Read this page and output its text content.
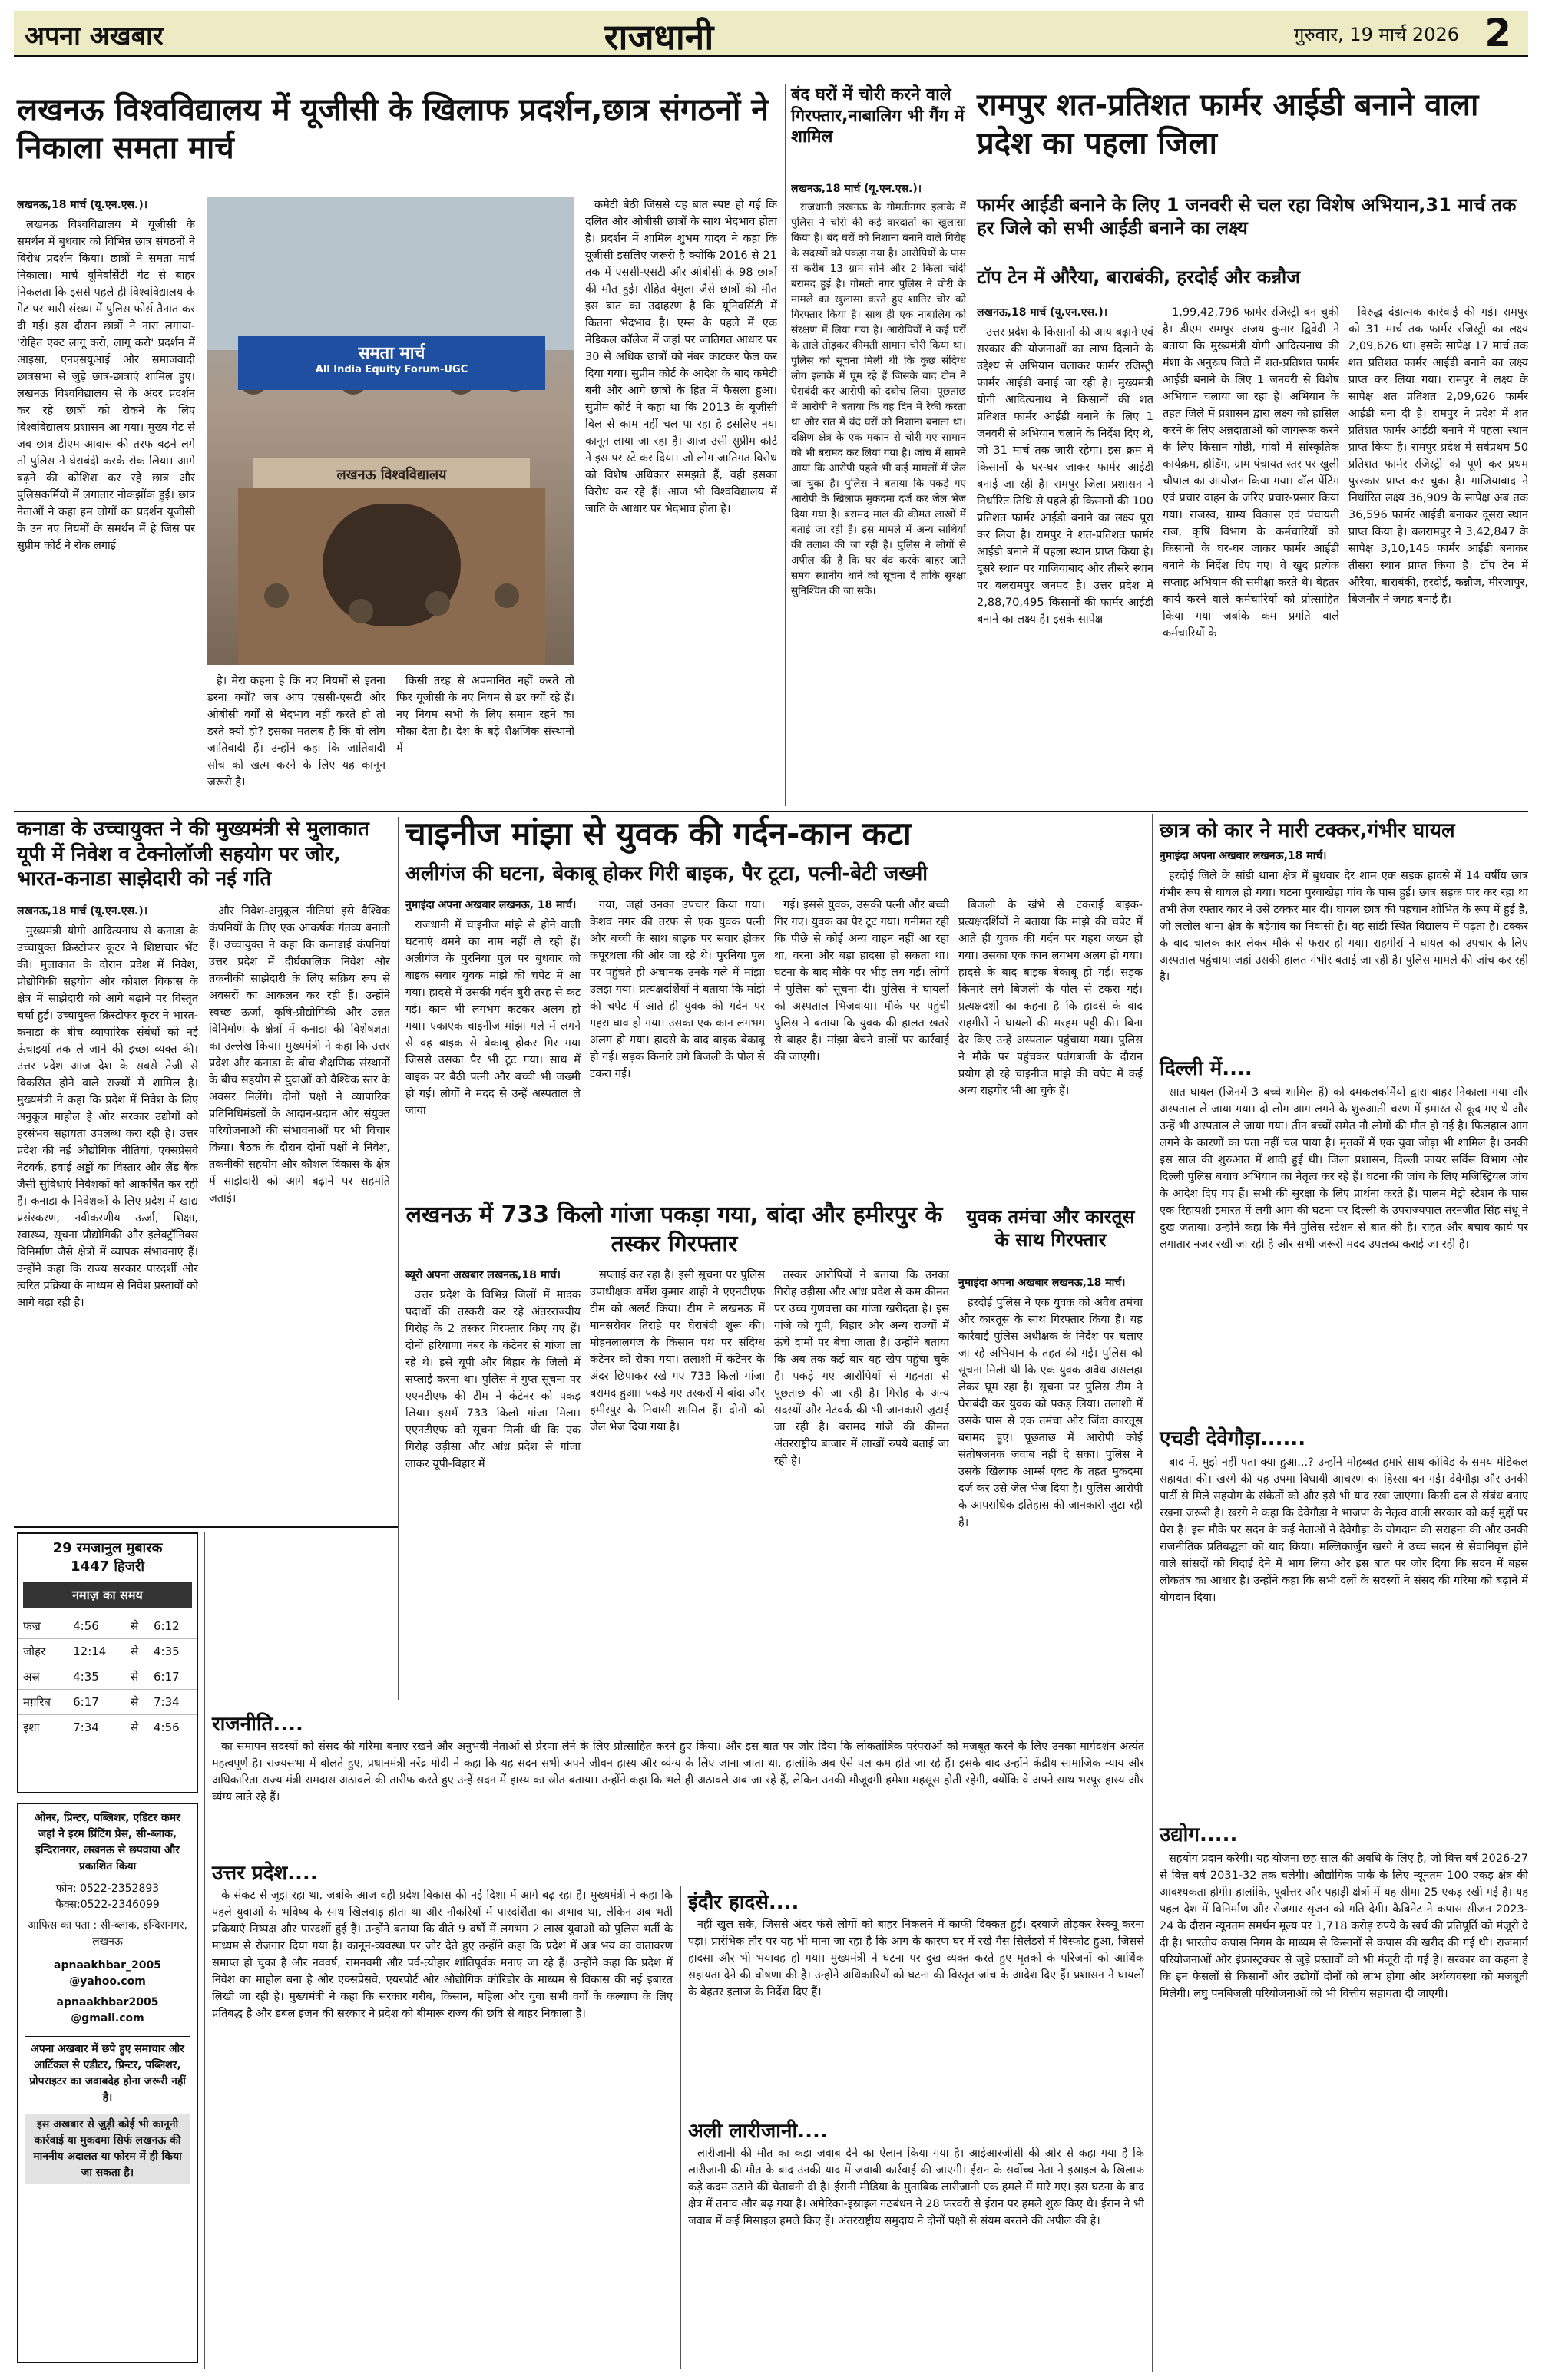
अपना अखबार	राजधानी	गुरुवार, 19 मार्च 2026 2
लखनऊ विश्वविद्यालय में यूजीसी के खिलाफ प्रदर्शन,छात्र संगठनों ने निकाला समता मार्च
लखनऊ,18 मार्च (यू.एन.एस.)।

लखनऊ विश्वविद्यालय में यूजीसी के समर्थन में बुधवार को विभिन्न छात्र संगठनों ने विरोध प्रदर्शन किया। छात्रों ने समता मार्च निकाला। मार्च यूनिवर्सिटी गेट से बाहर निकलता कि इससे पहले ही विश्वविद्यालय के गेट पर भारी संख्या में पुलिस फोर्स तैनात कर दी गई। इस दौरान छात्रों ने नारा लगाया-'रोहित एक्ट लागू करो, लागू करो' प्रदर्शन में आइसा, एनएसयूआई और समाजवादी छात्रसभा से जुड़े छात्र-छात्राएं शामिल हुए। लखनऊ विश्वविद्यालय से के अंदर प्रदर्शन कर रहे छात्रों को रोकने के लिए विश्वविद्यालय प्रशासन आ गया। मुख्य गेट से जब छात्र डीएम आवास की तरफ बढ़ने लगे तो पुलिस ने घेराबंदी करके रोक लिया। आगे बढ़ने की कोशिश कर रहे छात्र और पुलिसकर्मियों में लगातार नोकझोंक हुई। छात्र नेताओं ने कहा हम लोगों का प्रदर्शन यूजीसी के उन नए नियमों के समर्थन में है जिस पर सुप्रीम कोर्ट ने रोक लगाई

समता मार्च
All India Equity Forum-UGC
लखनऊ विश्वविद्यालय

है। मेरा कहना है कि नए नियमों से इतना डरना क्यों? जब आप एससी-एसटी और ओबीसी वर्गों से भेदभाव नहीं करते हो तो डरते क्यों हो? इसका मतलब है कि वो लोग जातिवादी हैं। उन्होंने कहा कि जातिवादी सोच को खत्म करने के लिए यह कानून जरूरी है।

किसी तरह से अपमानित नहीं करते तो फिर यूजीसी के नए नियम से डर क्यों रहे हैं। नए नियम सभी के लिए समान रहने का मौका देता है। देश के बड़े शैक्षणिक संस्थानों में

कमेटी बैठी जिससे यह बात स्पष्ट हो गई कि दलित और ओबीसी छात्रों के साथ भेदभाव होता है। प्रदर्शन में शामिल शुभम यादव ने कहा कि यूजीसी इसलिए जरूरी है क्योंकि 2016 से 21 तक में एससी-एसटी और ओबीसी के 98 छात्रों की मौत हुई। रोहित वेमुला जैसे छात्रों की मौत इस बात का उदाहरण है कि यूनिवर्सिटी में कितना भेदभाव है। एम्स के पहले में एक मेडिकल कॉलेज में जहां पर जातिगत आधार पर 30 से अधिक छात्रों को नंबर काटकर फेल कर दिया गया। सुप्रीम कोर्ट के आदेश के बाद कमेटी बनी और आगे छात्रों के हित में फैसला हुआ। सुप्रीम कोर्ट ने कहा था कि 2013 के यूजीसी बिल से काम नहीं चल पा रहा है इसलिए नया कानून लाया जा रहा है। आज उसी सुप्रीम कोर्ट ने इस पर स्टे कर दिया। जो लोग जातिगत विरोध को विशेष अधिकार समझते हैं, वही इसका विरोध कर रहे हैं। आज भी विश्वविद्यालय में जाति के आधार पर भेदभाव होता है।

बंद घरों में चोरी करने वाले गिरफ्तार,नाबालिग भी गैंग में शामिल
लखनऊ,18 मार्च (यू.एन.एस.)।

राजधानी लखनऊ के गोमतीनगर इलाके में पुलिस ने चोरी की कई वारदातों का खुलासा किया है। बंद घरों को निशाना बनाने वाले गिरोह के सदस्यों को पकड़ा गया है। आरोपियों के पास से करीब 13 ग्राम सोने और 2 किलो चांदी बरामद हुई है। गोमती नगर पुलिस ने चोरी के मामले का खुलासा करते हुए शातिर चोर को गिरफ्तार किया है। साथ ही एक नाबालिग को संरक्षण में लिया गया है। आरोपियों ने कई घरों के ताले तोड़कर कीमती सामान चोरी किया था। पुलिस को सूचना मिली थी कि कुछ संदिग्ध लोग इलाके में घूम रहे हैं जिसके बाद टीम ने घेराबंदी कर आरोपी को दबोच लिया। पूछताछ में आरोपी ने बताया कि वह दिन में रेकी करता था और रात में बंद घरों को निशाना बनाता था। दक्षिण क्षेत्र के एक मकान से चोरी गए सामान को भी बरामद कर लिया गया है। जांच में सामने आया कि आरोपी पहले भी कई मामलों में जेल जा चुका है। पुलिस ने बताया कि पकड़े गए आरोपी के खिलाफ मुकदमा दर्ज कर जेल भेज दिया गया है। बरामद माल की कीमत लाखों में बताई जा रही है। इस मामले में अन्य साथियों की तलाश की जा रही है। पुलिस ने लोगों से अपील की है कि घर बंद करके बाहर जाते समय स्थानीय थाने को सूचना दें ताकि सुरक्षा सुनिश्चित की जा सके।

रामपुर शत-प्रतिशत फार्मर आईडी बनाने वाला प्रदेश का पहला जिला
फार्मर आईडी बनाने के लिए 1 जनवरी से चल रहा विशेष अभियान,31 मार्च तक हर जिले को सभी आईडी बनाने का लक्ष्य
टॉप टेन में औरैया, बाराबंकी, हरदोई और कन्नौज
लखनऊ,18 मार्च (यू.एन.एस.)।

उत्तर प्रदेश के किसानों की आय बढ़ाने एवं सरकार की योजनाओं का लाभ दिलाने के उद्देश्य से अभियान चलाकर फार्मर रजिस्ट्री फार्मर आईडी बनाई जा रही है। मुख्यमंत्री योगी आदित्यनाथ ने किसानों की शत प्रतिशत फार्मर आईडी बनाने के लिए 1 जनवरी से अभियान चलाने के निर्देश दिए थे, जो 31 मार्च तक जारी रहेगा। इस क्रम में किसानों के घर-घर जाकर फार्मर आईडी बनाई जा रही है। रामपुर जिला प्रशासन ने निर्धारित तिथि से पहले ही किसानों की 100 प्रतिशत फार्मर आईडी बनाने का लक्ष्य पूरा कर लिया है। रामपुर ने शत-प्रतिशत फार्मर आईडी बनाने में पहला स्थान प्राप्त किया है। दूसरे स्थान पर गाजियाबाद और तीसरे स्थान पर बलरामपुर जनपद है। उत्तर प्रदेश में 2,88,70,495 किसानों की फार्मर आईडी बनाने का लक्ष्य है। इसके सापेक्ष

1,99,42,796 फार्मर रजिस्ट्री बन चुकी है। डीएम रामपुर अजय कुमार द्विवेदी ने बताया कि मुख्यमंत्री योगी आदित्यनाथ की मंशा के अनुरूप जिले में शत-प्रतिशत फार्मर आईडी बनाने के लिए 1 जनवरी से विशेष अभियान चलाया जा रहा है। अभियान के तहत जिले में प्रशासन द्वारा लक्ष्य को हासिल करने के लिए अन्नदाताओं को जागरूक करने के लिए किसान गोष्ठी, गांवों में सांस्कृतिक कार्यक्रम, होर्डिंग, ग्राम पंचायत स्तर पर खुली चौपाल का आयोजन किया गया। वॉल पेंटिंग एवं प्रचार वाहन के जरिए प्रचार-प्रसार किया गया। राजस्व, ग्राम्य विकास एवं पंचायती राज, कृषि विभाग के कर्मचारियों को किसानों के घर-घर जाकर फार्मर आईडी बनाने के निर्देश दिए गए। वे खुद प्रत्येक सप्ताह अभियान की समीक्षा करते थे। बेहतर कार्य करने वाले कर्मचारियों को प्रोत्साहित किया गया जबकि कम प्रगति वाले कर्मचारियों के

विरुद्ध दंडात्मक कार्रवाई की गई। रामपुर को 31 मार्च तक फार्मर रजिस्ट्री का लक्ष्य 2,09,626 था। इसके सापेक्ष 17 मार्च तक शत प्रतिशत फार्मर आईडी बनाने का लक्ष्य प्राप्त कर लिया गया। रामपुर ने लक्ष्य के सापेक्ष शत प्रतिशत 2,09,626 फार्मर आईडी बना दी है। रामपुर ने प्रदेश में शत प्रतिशत फार्मर आईडी बनाने में पहला स्थान प्राप्त किया है। रामपुर प्रदेश में सर्वप्रथम 50 प्रतिशत फार्मर रजिस्ट्री को पूर्ण कर प्रथम पुरस्कार प्राप्त कर चुका है। गाजियाबाद ने निर्धारित लक्ष्य 36,909 के सापेक्ष अब तक 36,596 फार्मर आईडी बनाकर दूसरा स्थान प्राप्त किया है। बलरामपुर ने 3,42,847 के सापेक्ष 3,10,145 फार्मर आईडी बनाकर तीसरा स्थान प्राप्त किया है। टॉप टेन में औरैया, बाराबंकी, हरदोई, कन्नौज, मीरजापुर, बिजनौर ने जगह बनाई है।

कनाडा के उच्चायुक्त ने की मुख्यमंत्री से मुलाकात यूपी में निवेश व टेक्नोलॉजी सहयोग पर जोर, भारत-कनाडा साझेदारी को नई गति
लखनऊ,18 मार्च (यू.एन.एस.)।

मुख्यमंत्री योगी आदित्यनाथ से कनाडा के उच्चायुक्त क्रिस्टोफर कूटर ने शिष्टाचार भेंट की। मुलाकात के दौरान प्रदेश में निवेश, प्रौद्योगिकी सहयोग और कौशल विकास के क्षेत्र में साझेदारी को आगे बढ़ाने पर विस्तृत चर्चा हुई। उच्चायुक्त क्रिस्टोफर कूटर ने भारत-कनाडा के बीच व्यापारिक संबंधों को नई ऊंचाइयों तक ले जाने की इच्छा व्यक्त की। उत्तर प्रदेश आज देश के सबसे तेजी से विकसित होने वाले राज्यों में शामिल है। मुख्यमंत्री ने कहा कि प्रदेश में निवेश के लिए अनुकूल माहौल है और सरकार उद्योगों को हरसंभव सहायता उपलब्ध करा रही है। उत्तर प्रदेश की नई औद्योगिक नीतियां, एक्सप्रेसवे नेटवर्क, हवाई अड्डों का विस्तार और लैंड बैंक जैसी सुविधाएं निवेशकों को आकर्षित कर रही हैं। कनाडा के निवेशकों के लिए प्रदेश में खाद्य प्रसंस्करण, नवीकरणीय ऊर्जा, शिक्षा, स्वास्थ्य, सूचना प्रौद्योगिकी और इलेक्ट्रॉनिक्स विनिर्माण जैसे क्षेत्रों में व्यापक संभावनाएं हैं। उन्होंने कहा कि राज्य सरकार पारदर्शी और त्वरित प्रक्रिया के माध्यम से निवेश प्रस्तावों को आगे बढ़ा रही है।

और निवेश-अनुकूल नीतियां इसे वैश्विक कंपनियों के लिए एक आकर्षक गंतव्य बनाती हैं। उच्चायुक्त ने कहा कि कनाडाई कंपनियां उत्तर प्रदेश में दीर्घकालिक निवेश और तकनीकी साझेदारी के लिए सक्रिय रूप से अवसरों का आकलन कर रही हैं। उन्होंने स्वच्छ ऊर्जा, कृषि-प्रौद्योगिकी और उन्नत विनिर्माण के क्षेत्रों में कनाडा की विशेषज्ञता का उल्लेख किया। मुख्यमंत्री ने कहा कि उत्तर प्रदेश और कनाडा के बीच शैक्षणिक संस्थानों के बीच सहयोग से युवाओं को वैश्विक स्तर के अवसर मिलेंगे। दोनों पक्षों ने व्यापारिक प्रतिनिधिमंडलों के आदान-प्रदान और संयुक्त परियोजनाओं की संभावनाओं पर भी विचार किया। बैठक के दौरान दोनों पक्षों ने निवेश, तकनीकी सहयोग और कौशल विकास के क्षेत्र में साझेदारी को आगे बढ़ाने पर सहमति जताई।

चाइनीज मांझा से युवक की गर्दन-कान कटा
अलीगंज की घटना, बेकाबू होकर गिरी बाइक, पैर टूटा, पत्नी-बेटी जख्मी
नुमाइंदा अपना अखबार लखनऊ, 18 मार्च।

राजधानी में चाइनीज मांझे से होने वाली घटनाएं थमने का नाम नहीं ले रही हैं। अलीगंज के पुरनिया पुल पर बुधवार को बाइक सवार युवक मांझे की चपेट में आ गया। हादसे में उसकी गर्दन बुरी तरह से कट गई। कान भी लगभग कटकर अलग हो गया। एकाएक चाइनीज मांझा गले में लगने से वह बाइक से बेकाबू होकर गिर गया जिससे उसका पैर भी टूट गया। साथ में बाइक पर बैठी पत्नी और बच्ची भी जख्मी हो गईं। लोगों ने मदद से उन्हें अस्पताल ले जाया

गया, जहां उनका उपचार किया गया। केशव नगर की तरफ से एक युवक पत्नी और बच्ची के साथ बाइक पर सवार होकर कपूरथला की ओर जा रहे थे। पुरनिया पुल पर पहुंचते ही अचानक उनके गले में मांझा उलझ गया। प्रत्यक्षदर्शियों ने बताया कि मांझे की चपेट में आते ही युवक की गर्दन पर गहरा घाव हो गया। उसका एक कान लगभग अलग हो गया। हादसे के बाद बाइक बेकाबू हो गई। सड़क किनारे लगे बिजली के पोल से टकरा गई।

गई। इससे युवक, उसकी पत्नी और बच्ची गिर गए। युवक का पैर टूट गया। गनीमत रही कि पीछे से कोई अन्य वाहन नहीं आ रहा था, वरना और बड़ा हादसा हो सकता था। घटना के बाद मौके पर भीड़ लग गई। लोगों ने पुलिस को सूचना दी। पुलिस ने घायलों को अस्पताल भिजवाया। मौके पर पहुंची पुलिस ने बताया कि युवक की हालत खतरे से बाहर है। मांझा बेचने वालों पर कार्रवाई की जाएगी।

बिजली के खंभे से टकराई बाइक-प्रत्यक्षदर्शियों ने बताया कि मांझे की चपेट में आते ही युवक की गर्दन पर गहरा जख्म हो गया। उसका एक कान लगभग अलग हो गया। हादसे के बाद बाइक बेकाबू हो गई। सड़क किनारे लगे बिजली के पोल से टकरा गई। प्रत्यक्षदर्शी का कहना है कि हादसे के बाद राहगीरों ने घायलों की मरहम पट्टी की। बिना देर किए उन्हें अस्पताल पहुंचाया गया। पुलिस ने मौके पर पहुंचकर पतंगबाजी के दौरान प्रयोग हो रहे चाइनीज मांझे की चपेट में कई अन्य राहगीर भी आ चुके हैं।

लखनऊ में 733 किलो गांजा पकड़ा गया, बांदा और हमीरपुर के तस्कर गिरफ्तार
ब्यूरो अपना अखबार लखनऊ,18 मार्च।

उत्तर प्रदेश के विभिन्न जिलों में मादक पदार्थों की तस्करी कर रहे अंतरराज्यीय गिरोह के 2 तस्कर गिरफ्तार किए गए हैं। दोनों हरियाणा नंबर के कंटेनर से गांजा ला रहे थे। इसे यूपी और बिहार के जिलों में सप्लाई करना था। पुलिस ने गुप्त सूचना पर एएनटीएफ की टीम ने कंटेनर को पकड़ लिया। इसमें 733 किलो गांजा मिला। एएनटीएफ को सूचना मिली थी कि एक गिरोह उड़ीसा और आंध्र प्रदेश से गांजा लाकर यूपी-बिहार में

सप्लाई कर रहा है। इसी सूचना पर पुलिस उपाधीक्षक धर्मेश कुमार शाही ने एएनटीएफ टीम को अलर्ट किया। टीम ने लखनऊ में मानसरोवर तिराहे पर घेराबंदी शुरू की। मोहनलालगंज के किसान पथ पर संदिग्ध कंटेनर को रोका गया। तलाशी में कंटेनर के अंदर छिपाकर रखे गए 733 किलो गांजा बरामद हुआ। पकड़े गए तस्करों में बांदा और हमीरपुर के निवासी शामिल हैं। दोनों को जेल भेज दिया गया है।

तस्कर आरोपियों ने बताया कि उनका गिरोह उड़ीसा और आंध्र प्रदेश से कम कीमत पर उच्च गुणवत्ता का गांजा खरीदता है। इस गांजे को यूपी, बिहार और अन्य राज्यों में ऊंचे दामों पर बेचा जाता है। उन्होंने बताया कि अब तक कई बार यह खेप पहुंचा चुके हैं। पकड़े गए आरोपियों से गहनता से पूछताछ की जा रही है। गिरोह के अन्य सदस्यों और नेटवर्क की भी जानकारी जुटाई जा रही है। बरामद गांजे की कीमत अंतरराष्ट्रीय बाजार में लाखों रुपये बताई जा रही है।

युवक तमंचा और कारतूस के साथ गिरफ्तार
नुमाइंदा अपना अखबार लखनऊ,18 मार्च।

हरदोई पुलिस ने एक युवक को अवैध तमंचा और कारतूस के साथ गिरफ्तार किया है। यह कार्रवाई पुलिस अधीक्षक के निर्देश पर चलाए जा रहे अभियान के तहत की गई। पुलिस को सूचना मिली थी कि एक युवक अवैध असलहा लेकर घूम रहा है। सूचना पर पुलिस टीम ने घेराबंदी कर युवक को पकड़ लिया। तलाशी में उसके पास से एक तमंचा और जिंदा कारतूस बरामद हुए। पूछताछ में आरोपी कोई संतोषजनक जवाब नहीं दे सका। पुलिस ने उसके खिलाफ आर्म्स एक्ट के तहत मुकदमा दर्ज कर उसे जेल भेज दिया है। पुलिस आरोपी के आपराधिक इतिहास की जानकारी जुटा रही है।

छात्र को कार ने मारी टक्कर,गंभीर घायल
नुमाइंदा अपना अखबार लखनऊ,18 मार्च।

हरदोई जिले के सांडी थाना क्षेत्र में बुधवार देर शाम एक सड़क हादसे में 14 वर्षीय छात्र गंभीर रूप से घायल हो गया। घटना पुरवाखेड़ा गांव के पास हुई। छात्र सड़क पार कर रहा था तभी तेज रफ्तार कार ने उसे टक्कर मार दी। घायल छात्र की पहचान शोभित के रूप में हुई है, जो ललोल थाना क्षेत्र के बड़ेगांव का निवासी है। वह सांडी स्थित विद्यालय में पढ़ता है। टक्कर के बाद चालक कार लेकर मौके से फरार हो गया। राहगीरों ने घायल को उपचार के लिए अस्पताल पहुंचाया जहां उसकी हालत गंभीर बताई जा रही है। पुलिस मामले की जांच कर रही है।

दिल्ली में....

सात घायल (जिनमें 3 बच्चे शामिल हैं) को दमकलकर्मियों द्वारा बाहर निकाला गया और अस्पताल ले जाया गया। दो लोग आग लगने के शुरुआती चरण में इमारत से कूद गए थे और उन्हें भी अस्पताल ले जाया गया। तीन बच्चों समेत नौ लोगों की मौत हो गई है। फिलहाल आग लगने के कारणों का पता नहीं चल पाया है। मृतकों में एक युवा जोड़ा भी शामिल है। उनकी इस साल की शुरुआत में शादी हुई थी। जिला प्रशासन, दिल्ली फायर सर्विस विभाग और दिल्ली पुलिस बचाव अभियान का नेतृत्व कर रहे हैं। घटना की जांच के लिए मजिस्ट्रियल जांच के आदेश दिए गए हैं। सभी की सुरक्षा के लिए प्रार्थना करते हैं। पालम मेट्रो स्टेशन के पास एक रिहायशी इमारत में लगी आग की घटना पर दिल्ली के उपराज्यपाल तरनजीत सिंह संधू ने दुख जताया। उन्होंने कहा कि मैंने पुलिस स्टेशन से बात की है। राहत और बचाव कार्य पर लगातार नजर रखी जा रही है और सभी जरूरी मदद उपलब्ध कराई जा रही है।

एचडी देवेगौड़ा......

बाद में, मुझे नहीं पता क्या हुआ...? उन्होंने मोहब्बत हमारे साथ कोविड के समय मेडिकल सहायता की। खरगे की यह उपमा विधायी आचरण का हिस्सा बन गई। देवेगौड़ा और उनकी पार्टी से मिले सहयोग के संकेतों को और इसे भी याद रखा जाएगा। किसी दल से संबंध बनाए रखना जरूरी है। खरगे ने कहा कि देवेगौड़ा ने भाजपा के नेतृत्व वाली सरकार को कई मुद्दों पर घेरा है। इस मौके पर सदन के कई नेताओं ने देवेगौड़ा के योगदान की सराहना की और उनकी राजनीतिक प्रतिबद्धता को याद किया। मल्लिकार्जुन खरगे ने उच्च सदन से सेवानिवृत्त होने वाले सांसदों को विदाई देने में भाग लिया और इस बात पर जोर दिया कि सदन में बहस लोकतंत्र का आधार है। उन्होंने कहा कि सभी दलों के सदस्यों ने संसद की गरिमा को बढ़ाने में योगदान दिया।

उद्योग.....

सहयोग प्रदान करेगी। यह योजना छह साल की अवधि के लिए है, जो वित्त वर्ष 2026-27 से वित्त वर्ष 2031-32 तक चलेगी। औद्योगिक पार्क के लिए न्यूनतम 100 एकड़ क्षेत्र की आवश्यकता होगी। हालांकि, पूर्वोत्तर और पहाड़ी क्षेत्रों में यह सीमा 25 एकड़ रखी गई है। यह पहल देश में विनिर्माण और रोजगार सृजन को गति देगी। कैबिनेट ने कपास सीजन 2023-24 के दौरान न्यूनतम समर्थन मूल्य पर 1,718 करोड़ रुपये के खर्च की प्रतिपूर्ति को मंजूरी दे दी है। भारतीय कपास निगम के माध्यम से किसानों से कपास की खरीद की गई थी। राजमार्ग परियोजनाओं और इंफ्रास्ट्रक्चर से जुड़े प्रस्तावों को भी मंजूरी दी गई है। सरकार का कहना है कि इन फैसलों से किसानों और उद्योगों दोनों को लाभ होगा और अर्थव्यवस्था को मजबूती मिलेगी। लघु पनबिजली परियोजनाओं को भी वित्तीय सहायता दी जाएगी।

29 रमजानुल मुबारक
1447 हिजरी
नमाज़ का समय
फज्र	4:56	से	6:12
जोहर	12:14	से	4:35
अस्र	4:35	से	6:17
मग़रिब	6:17	से	7:34
इशा	7:34	से	4:56
ओनर, प्रिन्टर, पब्लिशर, एडिटर कमर जहां ने इरम प्रिंटिंग प्रेस, सी-ब्लाक, इन्दिरानगर, लखनऊ से छपवाया और प्रकाशित किया
फोन: 0522-2352893
फैक्स:0522-2346099
आफिस का पता : सी-ब्लाक, इन्दिरानगर, लखनऊ
apnaakhbar_2005 @yahoo.com
apnaakhbar2005 @gmail.com
अपना अखबार में छपे हुए समाचार और आर्टिकल से एडीटर, प्रिन्टर, पब्लिशर, प्रोपराइटर का जवाबदेह होना जरूरी नहीं है।
इस अखबार से जुड़ी कोई भी कानूनी कार्रवाई या मुकदमा सिर्फ लखनऊ की माननीय अदालत या फोरम में ही किया जा सकता है।
राजनीति....

का समापन सदस्यों को संसद की गरिमा बनाए रखने और अनुभवी नेताओं से प्रेरणा लेने के लिए प्रोत्साहित करने हुए किया। और इस बात पर जोर दिया कि लोकतांत्रिक परंपराओं को मजबूत करने के लिए उनका मार्गदर्शन अत्यंत महत्वपूर्ण है। राज्यसभा में बोलते हुए, प्रधानमंत्री नरेंद्र मोदी ने कहा कि यह सदन सभी अपने जीवन हास्य और व्यंग्य के लिए जाना जाता था, हालांकि अब ऐसे पल कम होते जा रहे हैं। इसके बाद उन्होंने केंद्रीय सामाजिक न्याय और अधिकारिता राज्य मंत्री रामदास अठावले की तारीफ करते हुए उन्हें सदन में हास्य का स्रोत बताया। उन्होंने कहा कि भले ही अठावले अब जा रहे हैं, लेकिन उनकी मौजूदगी हमेशा महसूस होती रहेगी, क्योंकि वे अपने साथ भरपूर हास्य और व्यंग्य लाते रहे हैं।

उत्तर प्रदेश....

के संकट से जूझ रहा था, जबकि आज वही प्रदेश विकास की नई दिशा में आगे बढ़ रहा है। मुख्यमंत्री ने कहा कि पहले युवाओं के भविष्य के साथ खिलवाड़ होता था और नौकरियों में पारदर्शिता का अभाव था, लेकिन अब भर्ती प्रक्रियाएं निष्पक्ष और पारदर्शी हुई हैं। उन्होंने बताया कि बीते 9 वर्षों में लगभग 2 लाख युवाओं को पुलिस भर्ती के माध्यम से रोजगार दिया गया है। कानून-व्यवस्था पर जोर देते हुए उन्होंने कहा कि प्रदेश में अब भय का वातावरण समाप्त हो चुका है और नववर्ष, रामनवमी और पर्व-त्योहार शांतिपूर्वक मनाए जा रहे हैं। उन्होंने कहा कि प्रदेश में निवेश का माहौल बना है और एक्सप्रेसवे, एयरपोर्ट और औद्योगिक कॉरिडोर के माध्यम से विकास की नई इबारत लिखी जा रही है। मुख्यमंत्री ने कहा कि सरकार गरीब, किसान, महिला और युवा सभी वर्गों के कल्याण के लिए प्रतिबद्ध है और डबल इंजन की सरकार ने प्रदेश को बीमारू राज्य की छवि से बाहर निकाला है।

इंदौर हादसे....

नहीं खुल सके, जिससे अंदर फंसे लोगों को बाहर निकलने में काफी दिक्कत हुई। दरवाजे तोड़कर रेस्क्यू करना पड़ा। प्रारंभिक तौर पर यह भी माना जा रहा है कि आग के कारण घर में रखे गैस सिलेंडरों में विस्फोट हुआ, जिससे हादसा और भी भयावह हो गया। मुख्यमंत्री ने घटना पर दुख व्यक्त करते हुए मृतकों के परिजनों को आर्थिक सहायता देने की घोषणा की है। उन्होंने अधिकारियों को घटना की विस्तृत जांच के आदेश दिए हैं। प्रशासन ने घायलों के बेहतर इलाज के निर्देश दिए हैं।

अली लारीजानी....

लारीजानी की मौत का कड़ा जवाब देने का ऐलान किया गया है। आईआरजीसी की ओर से कहा गया है कि लारीजानी की मौत के बाद उनकी याद में जवाबी कार्रवाई की जाएगी। ईरान के सर्वोच्च नेता ने इस्राइल के खिलाफ कड़े कदम उठाने की चेतावनी दी है। ईरानी मीडिया के मुताबिक लारीजानी एक हमले में मारे गए। इस घटना के बाद क्षेत्र में तनाव और बढ़ गया है। अमेरिका-इस्राइल गठबंधन ने 28 फरवरी से ईरान पर हमले शुरू किए थे। ईरान ने भी जवाब में कई मिसाइल हमले किए हैं। अंतरराष्ट्रीय समुदाय ने दोनों पक्षों से संयम बरतने की अपील की है।
